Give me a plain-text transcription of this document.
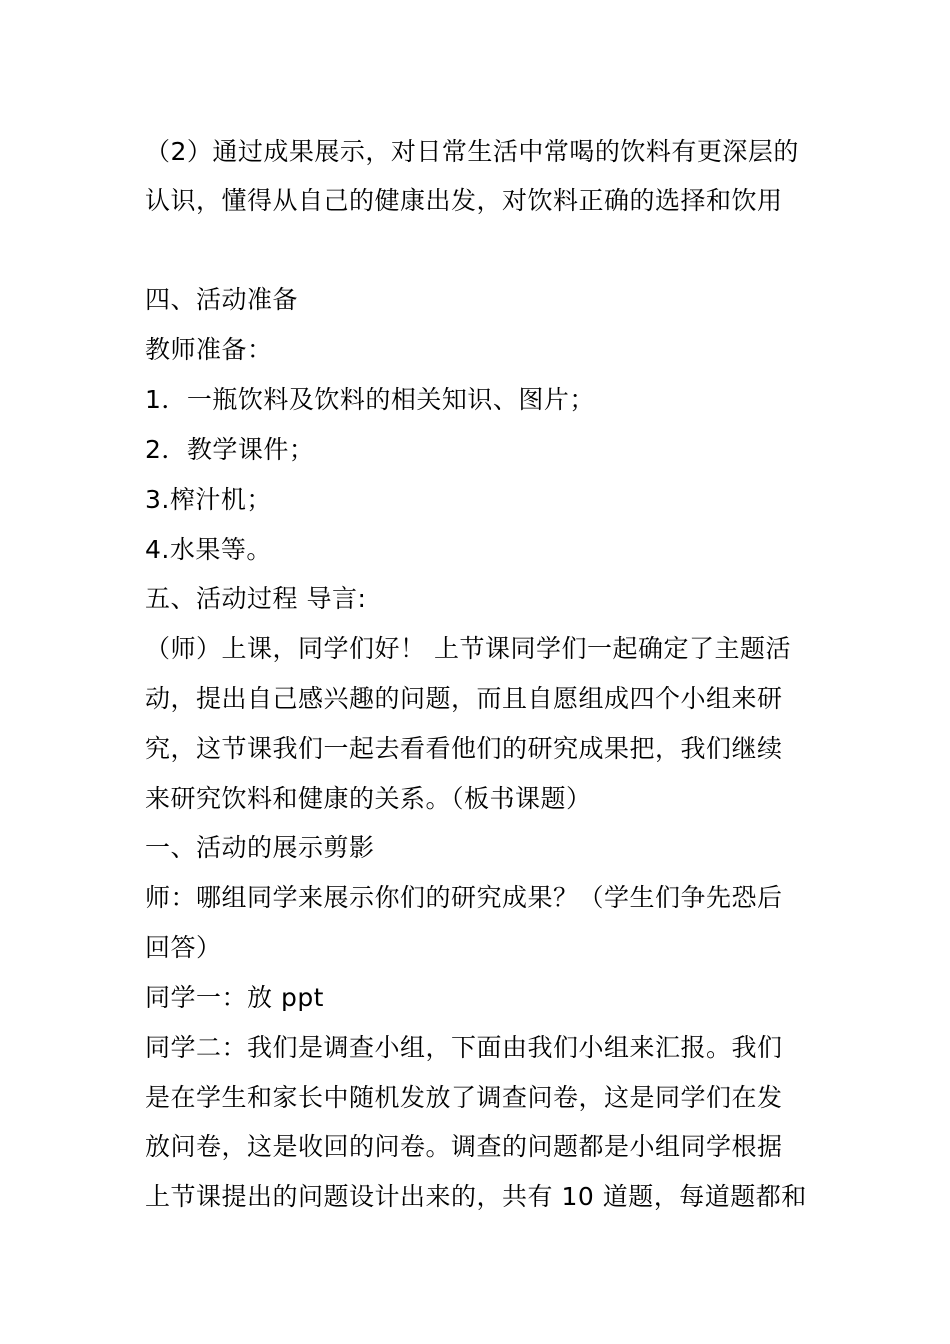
（2）通过成果展示，对日常生活中常喝的饮料有更深层的
认识，懂得从自己的健康出发，对饮料正确的选择和饮用
四、活动准备
教师准备：
1．一瓶饮料及饮料的相关知识、图片；
2．教学课件；
3.榨汁机；
4.水果等。
五、活动过程 导言:
（师）上课，同学们好！ 上节课同学们一起确定了主题活
动，提出自己感兴趣的问题，而且自愿组成四个小组来研
究，这节课我们一起去看看他们的研究成果把，我们继续
来研究饮料和健康的关系。（板书课题）
一、活动的展示剪影
师：哪组同学来展示你们的研究成果？（学生们争先恐后
回答）
同学一：放 ppt
同学二：我们是调查小组，下面由我们小组来汇报。我们
是在学生和家长中随机发放了调查问卷，这是同学们在发
放问卷，这是收回的问卷。调查的问题都是小组同学根据
上节课提出的问题设计出来的，共有 10 道题，每道题都和
